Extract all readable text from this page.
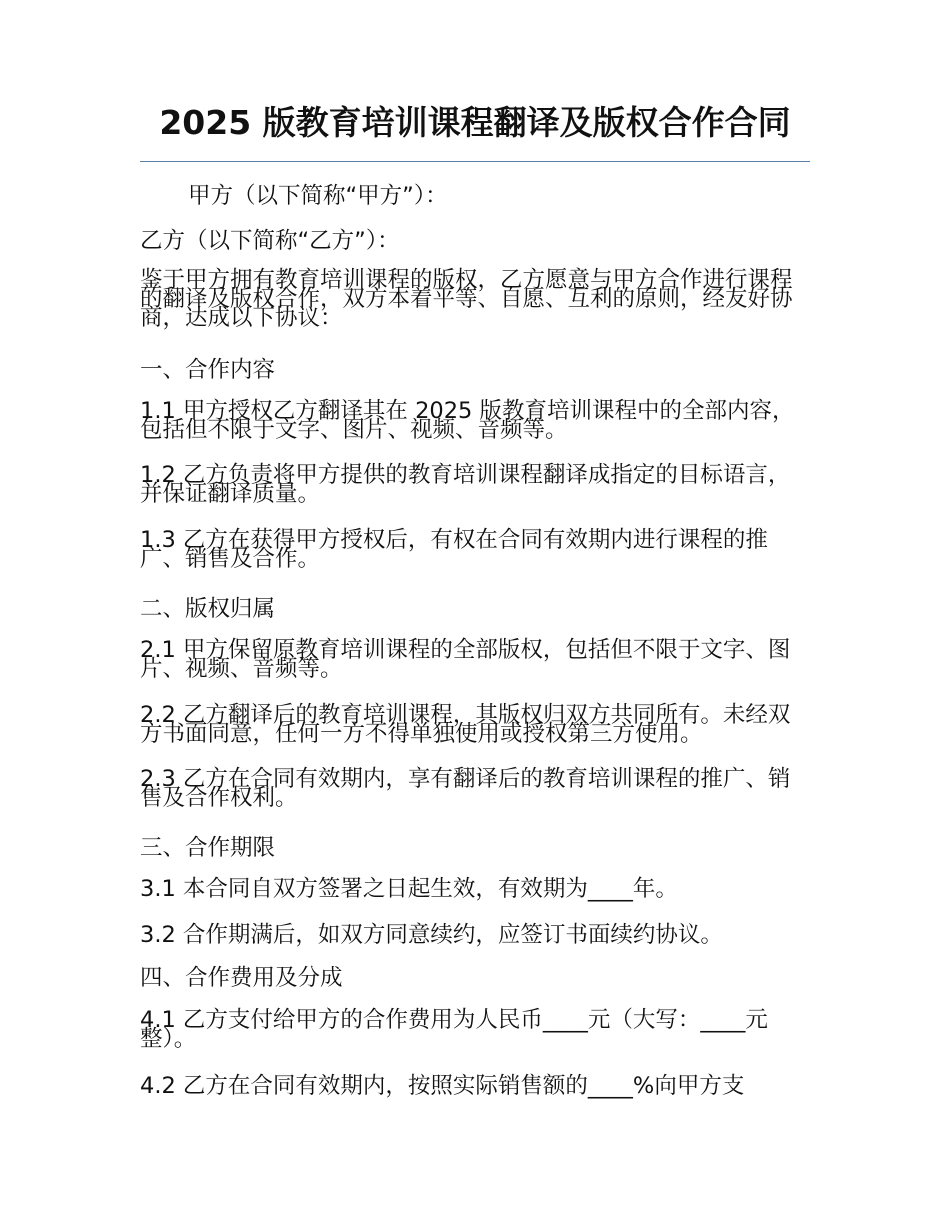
2025 版教育培训课程翻译及版权合作合同

甲方（以下简称“甲方”）：

乙方（以下简称“乙方”）：

鉴于甲方拥有教育培训课程的版权，乙方愿意与甲方合作进行课程的翻译及版权合作，双方本着平等、自愿、互利的原则，经友好协商，达成以下协议：

一、合作内容

1.1 甲方授权乙方翻译其在 2025 版教育培训课程中的全部内容，包括但不限于文字、图片、视频、音频等。

1.2 乙方负责将甲方提供的教育培训课程翻译成指定的目标语言，并保证翻译质量。

1.3 乙方在获得甲方授权后，有权在合同有效期内进行课程的推广、销售及合作。

二、版权归属

2.1 甲方保留原教育培训课程的全部版权，包括但不限于文字、图片、视频、音频等。

2.2 乙方翻译后的教育培训课程，其版权归双方共同所有。未经双方书面同意，任何一方不得单独使用或授权第三方使用。

2.3 乙方在合同有效期内，享有翻译后的教育培训课程的推广、销售及合作权利。

三、合作期限

3.1 本合同自双方签署之日起生效，有效期为____年。

3.2 合作期满后，如双方同意续约，应签订书面续约协议。

四、合作费用及分成

4.1 乙方支付给甲方的合作费用为人民币____元（大写：____元整）。

4.2 乙方在合同有效期内，按照实际销售额的____%向甲方支
